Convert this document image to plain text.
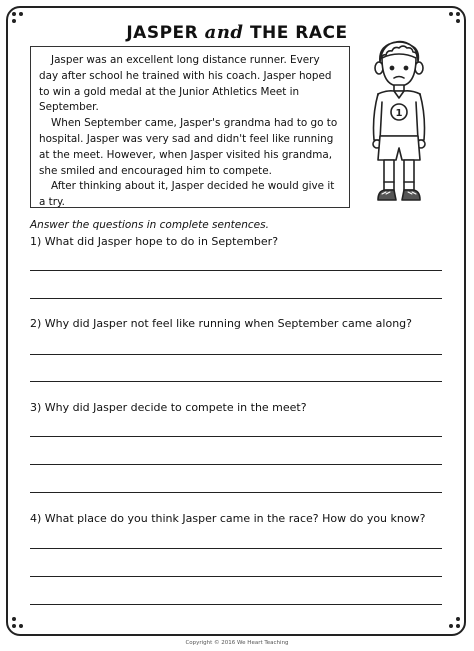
JASPER and THE RACE

Jasper was an excellent long distance runner. Every day after school he trained with his coach. Jasper hoped to win a gold medal at the Junior Athletics Meet in September.

When September came, Jasper's grandma had to go to hospital. Jasper was very sad and didn't feel like running at the meet. However, when Jasper visited his grandma, she smiled and encouraged him to compete.

After thinking about it, Jasper decided he would give it a try.

1
Answer the questions in complete sentences.
1) What did Jasper hope to do in September?
2) Why did Jasper not feel like running when September came along?
3) Why did Jasper decide to compete in the meet?
4) What place do you think Jasper came in the race? How do you know?
Copyright © 2016 We Heart Teaching
